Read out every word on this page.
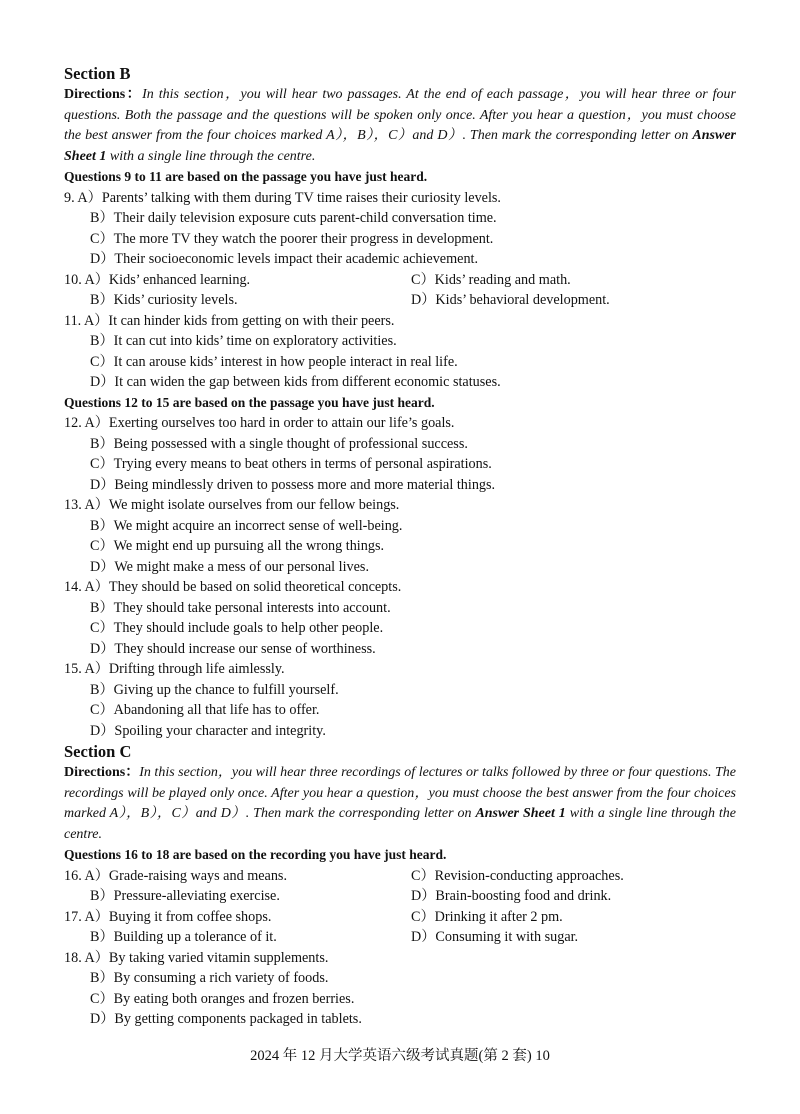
Section B
Directions：In this section，you will hear two passages. At the end of each passage，you will hear three or four questions. Both the passage and the questions will be spoken only once. After you hear a question，you must choose the best answer from the four choices marked A），B），C）and D）. Then mark the corresponding letter on Answer Sheet 1 with a single line through the centre.
Questions 9 to 11 are based on the passage you have just heard.
9. A）Parents’ talking with them during TV time raises their curiosity levels.
B）Their daily television exposure cuts parent-child conversation time.
C）The more TV they watch the poorer their progress in development.
D）Their socioeconomic levels impact their academic achievement.
10. A）Kids’ enhanced learning.	C）Kids’ reading and math.
B）Kids’ curiosity levels.	D）Kids’ behavioral development.
11. A）It can hinder kids from getting on with their peers.
B）It can cut into kids’ time on exploratory activities.
C）It can arouse kids’ interest in how people interact in real life.
D）It can widen the gap between kids from different economic statuses.
Questions 12 to 15 are based on the passage you have just heard.
12. A）Exerting ourselves too hard in order to attain our life’s goals.
B）Being possessed with a single thought of professional success.
C）Trying every means to beat others in terms of personal aspirations.
D）Being mindlessly driven to possess more and more material things.
13. A）We might isolate ourselves from our fellow beings.
B）We might acquire an incorrect sense of well-being.
C）We might end up pursuing all the wrong things.
D）We might make a mess of our personal lives.
14. A）They should be based on solid theoretical concepts.
B）They should take personal interests into account.
C）They should include goals to help other people.
D）They should increase our sense of worthiness.
15. A）Drifting through life aimlessly.
B）Giving up the chance to fulfill yourself.
C）Abandoning all that life has to offer.
D）Spoiling your character and integrity.
Section C
Directions：In this section，you will hear three recordings of lectures or talks followed by three or four questions. The recordings will be played only once. After you hear a question，you must choose the best answer from the four choices marked A），B），C）and D）. Then mark the corresponding letter on Answer Sheet 1 with a single line through the centre.
Questions 16 to 18 are based on the recording you have just heard.
16. A）Grade-raising ways and means.	C）Revision-conducting approaches.
B）Pressure-alleviating exercise.	D）Brain-boosting food and drink.
17. A）Buying it from coffee shops.	C）Drinking it after 2 pm.
B）Building up a tolerance of it.	D）Consuming it with sugar.
18. A）By taking varied vitamin supplements.
B）By consuming a rich variety of foods.
C）By eating both oranges and frozen berries.
D）By getting components packaged in tablets.
2024 年 12 月大学英语六级考试真题(第 2 套) 10
